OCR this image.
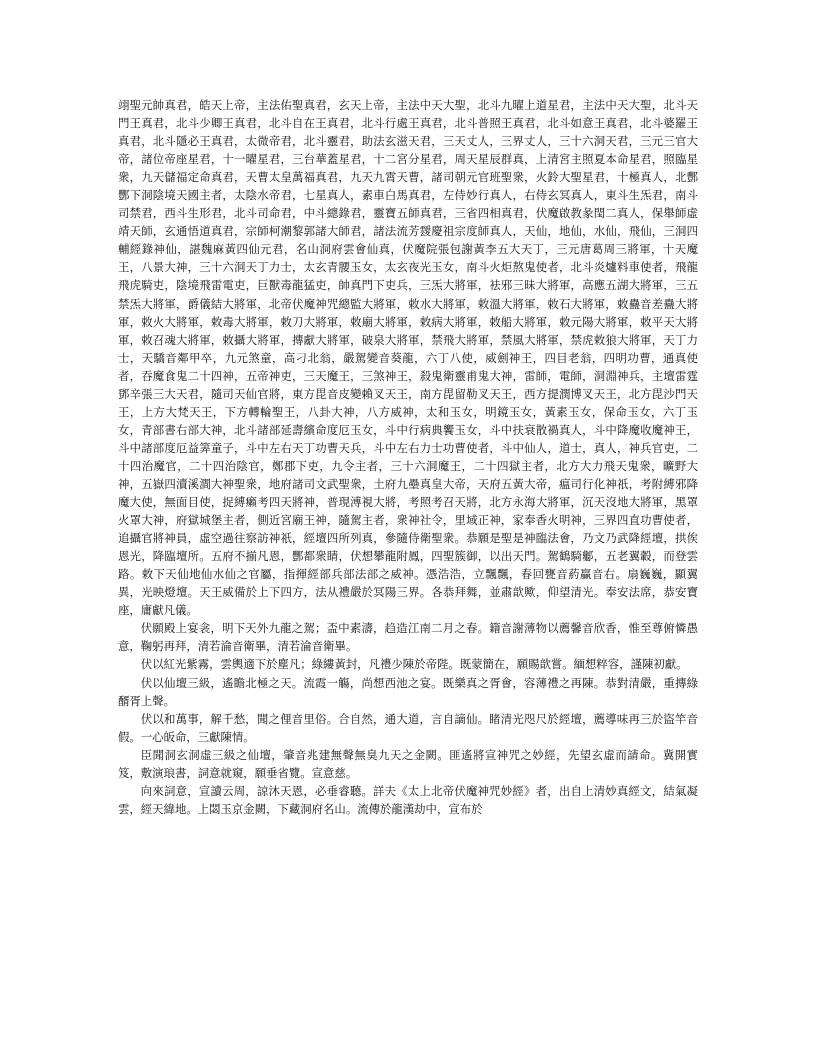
翊聖元帥真君，皓天上帝，主法佑聖真君，玄天上帝，主法中天大聖，北斗九曜上道星君，主法中天大聖，北斗天門王真君，北斗少卿王真君，北斗自在王真君，北斗行處王真君，北斗普照王真君，北斗如意王真君，北斗婆羅王真君，北斗隱必王真君，太微帝君，北斗靈君，助法玄滋天君，三天丈人，三界丈人，三十六洞天君，三元三官大帝，諸位帝座星君，十一曜星君，三台華蓋星君，十二宮分星君，周天星辰群真，上清宮主照夏本命星君，照臨星衆，九天儲福定命真君，天曹太皇萬福真君，九天九霄天曹，諸司朝元官班聖衆，火鈴大聖星君，十極真人，北酆酆下洞陰境天國主者，太陰水帝君，七星真人，素車白馬真君，左侍妙行真人，右侍玄冥真人，東斗生炁君，南斗司禁君，西斗生形君，北斗司命君，中斗總錄君，靈寶五師真君，三省四相真君，伏魔啟教彖閠二真人，保舉師虛靖天師，玄通悟道真君，宗師柯潮黎郭諸大師君，諸法流芳靉慶祖宗度師真人，天仙，地仙，水仙，飛仙，三洞四輔經錄神仙，諶魏麻黃四仙元君，名山洞府雲會仙真，伏魔院張包謝黃李五大天丁，三元唐葛周三將軍，十天魔王，八景大神，三十六洞天丁力士，太玄青腰玉女，太玄夜光玉女，南斗火炬熬鬼使者，北斗炎爐料車使者，飛龍飛虎騎吏，陰境飛雷電吏，巨獸毒龍猛吏，帥真門下吏兵，三炁大將軍，袪邪三昧大將軍，高應五湖大將軍，三五禁炁大將軍，爵儀結大將軍，北帝伏魔神咒總監大將軍，敕水大將軍，敕溫大將軍，敕石大將軍，敕蠱音差蠱大將軍，敕火大將軍，敕毒大將軍，敕刀大將軍，敕廟大將軍，敕病大將軍，敕船大將軍，敕元陽大將軍，敕平天大將軍，敕召魂大將軍，敕攝大將軍，摶獻大將軍，破泉大將軍，禁飛大將軍，禁風大將軍，禁虎敕狼大將軍，天丁力士，天驕音鄰甲卒，九元煞童，高刁北翁，嚴駕變音葵龍，六丁八使，威劍神王，四目老翁，四明功曹，通真使者，吞魔食鬼二十四神，五帝神吏，三天魔王，三煞神王，殺鬼衛靈甫鬼大神，雷師，電師，洞淵神兵，主壇雷霆鄧辛張三大天君，隨司天仙官將，東方毘音皮變賴叉天王，南方毘留勒叉天王，西方提潤博叉天王，北方毘沙門天王，上方大梵天王，下方轉輪聖王，八卦大神，八方威神，太和玉女，明鏡玉女，黃素玉女，保命玉女，六丁玉女，青部書右部大神，北斗諸部延壽繽命度厄玉女，斗中行病典饗玉女，斗中扶衰散禍真人，斗中降魔收魔神王，斗中諸部度厄益筭童子，斗中左右天丁功曹天兵，斗中左右力士功曹使者，斗中仙人，道士，真人，神兵官吏，二十四治魔官，二十四治陰官，鄭郡下吏，九令主者，三十六洞魔王，二十四獄主者，北方大力飛天鬼衆，曠野大神，五嶽四瀆溪澗大神聖衆，地府諸司文武聖衆，土府九壘真皇大帝，天府五黃大帝，瘟司行化神祇，考附縛邪降魔大使，無面目使，捉縛癩考四天將神，普現溥視大將，考照考召天將，北方永海大將軍，沉天沒地大將軍，黑罩火罩大神，府獄城堡主者，側近宮廟王神，隨駕主者，衆神社令，里域正神，家奉香火明神，三界四直功曹使者，追攝官將神員，虛空過往察訪神祇，經壇四所列真，參隨侍衛聖衆。恭願是聖是神臨法會，乃文乃武降經壇，拱俟恩光，降臨壇所。五府不揃凡恩，酆都衆睛，伏想攀龍附鳳，四聖簇御，以出天門。駕鶴騎酁，五老翼轂，而登雲路。敕下天仙地仙水仙之官屬，指揮經部兵部法部之威神。憑浩浩，立飄飄，春回甕音葯贏音右。扇巍巍，顯翼異，光映燈壇。天王威備於上下四方，法从禮嚴於冥陽三界。各恭拜舞，並肅歆歟，仰望清光。奉安法席，恭安寶座，庸獻凡儀。

伏願殿上宴衾，明下天外九龍之駕；盃中素濤，趋造江南二月之春。籍音謝薄物以薦馨音欣香，惟至尊俯憐愚意，鞠躬再拜，清若淪音衛畢，清若淪音衛畢。

伏以紅光紫霧，雲輿適下於塵凡；綠縷黃封，凡禮少陳於帝陛。既蒙簡在，願賜歆嘗。緬想粹容，謹陳初獻。

伏以仙壇三級，遙瞻北極之天。流霞一觴，尚想西池之宴。既樂真之胥會，容薄禮之再陳。恭對清嚴，重摶綠醑胥上聲。

伏以和萬事，解千愁，聞之俚音里俗。合自然，通大道，言自謫仙。睹清光咫尺於經壇，薦導味再三於盜竿音假。一心皈命，三獻陳情。

臣聞洞玄洞虛三級之仙壇，肇音兆建無聲無臭九天之金闕。匪遙將宣神咒之妙經，先望玄虛而請命。冀開實笈，敷演琅書，詞意就窺，願垂省覽。宣意慈。

向來詞意，宣讀云周，諒沐天恩，必垂睿聽。詳夫《太上北帝伏魔神咒妙經》者，出自上清妙真經文，結氣凝雲，經天緯地。上閟玉京金闕，下藏洞府名山。流傳於龍漢劫中，宣布於
